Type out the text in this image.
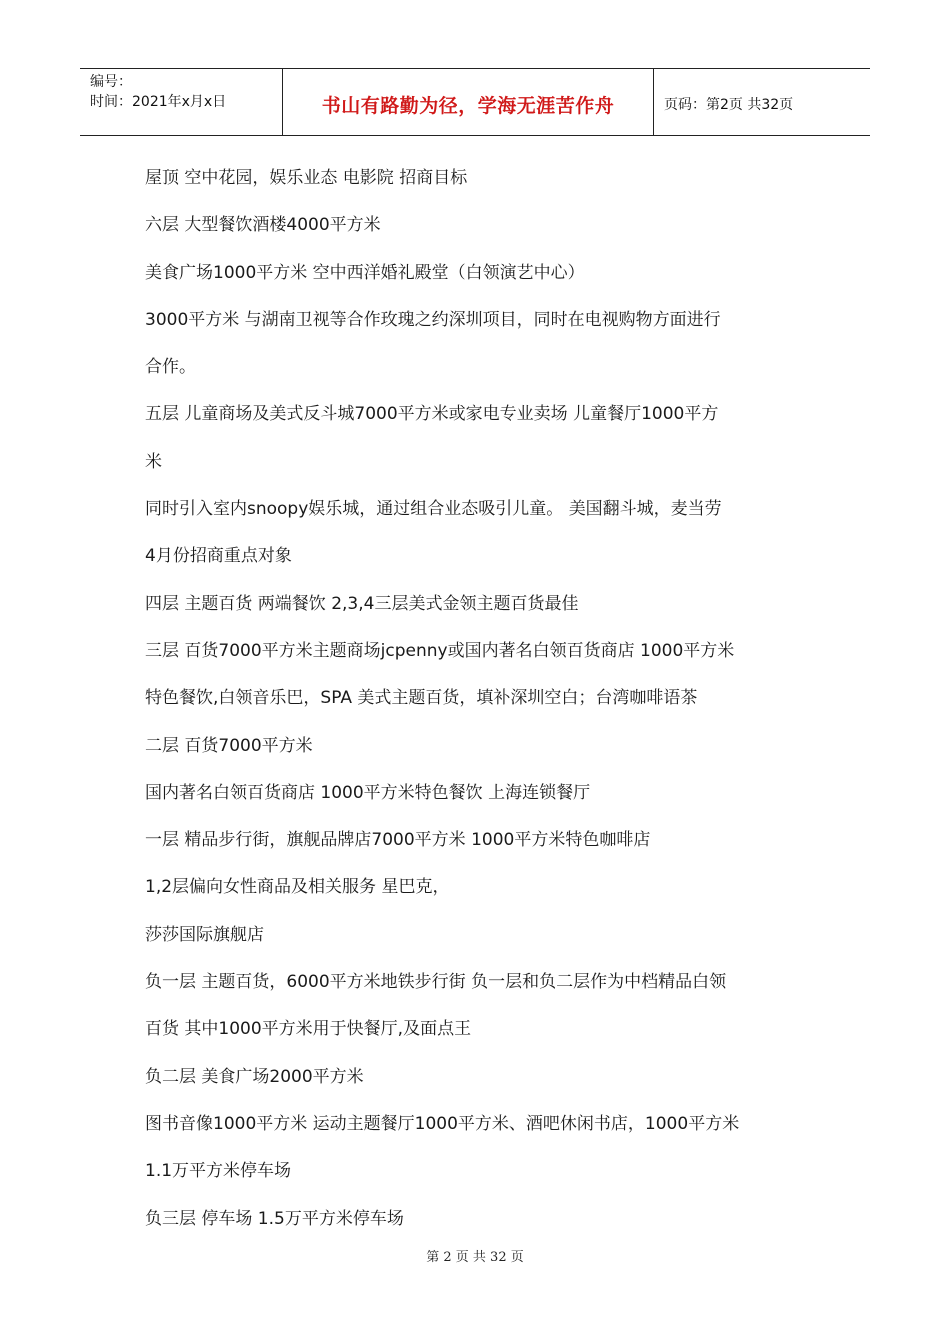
编号：
时间：2021年x月x日	书山有路勤为径，学海无涯苦作舟	页码：第2页 共32页
屋顶 空中花园，娱乐业态 电影院 招商目标
六层 大型餐饮酒楼4000平方米
美食广场1000平方米 空中西洋婚礼殿堂（白领演艺中心）
3000平方米 与湖南卫视等合作玫瑰之约深圳项目，同时在电视购物方面进行
合作。
五层 儿童商场及美式反斗城7000平方米或家电专业卖场 儿童餐厅1000平方
米
同时引入室内snoopy娱乐城，通过组合业态吸引儿童。 美国翻斗城，麦当劳
4月份招商重点对象
四层 主题百货 两端餐饮 2,3,4三层美式金领主题百货最佳
三层 百货7000平方米主题商场jcpenny或国内著名白领百货商店 1000平方米
特色餐饮,白领音乐巴，SPA 美式主题百货，填补深圳空白；台湾咖啡语茶
二层 百货7000平方米
国内著名白领百货商店 1000平方米特色餐饮 上海连锁餐厅
一层 精品步行街，旗舰品牌店7000平方米 1000平方米特色咖啡店
1,2层偏向女性商品及相关服务 星巴克，
莎莎国际旗舰店
负一层 主题百货，6000平方米地铁步行街 负一层和负二层作为中档精品白领
百货 其中1000平方米用于快餐厅,及面点王
负二层 美食广场2000平方米
图书音像1000平方米 运动主题餐厅1000平方米、酒吧休闲书店，1000平方米
1.1万平方米停车场
负三层 停车场 1.5万平方米停车场
第 2 页 共 32 页
